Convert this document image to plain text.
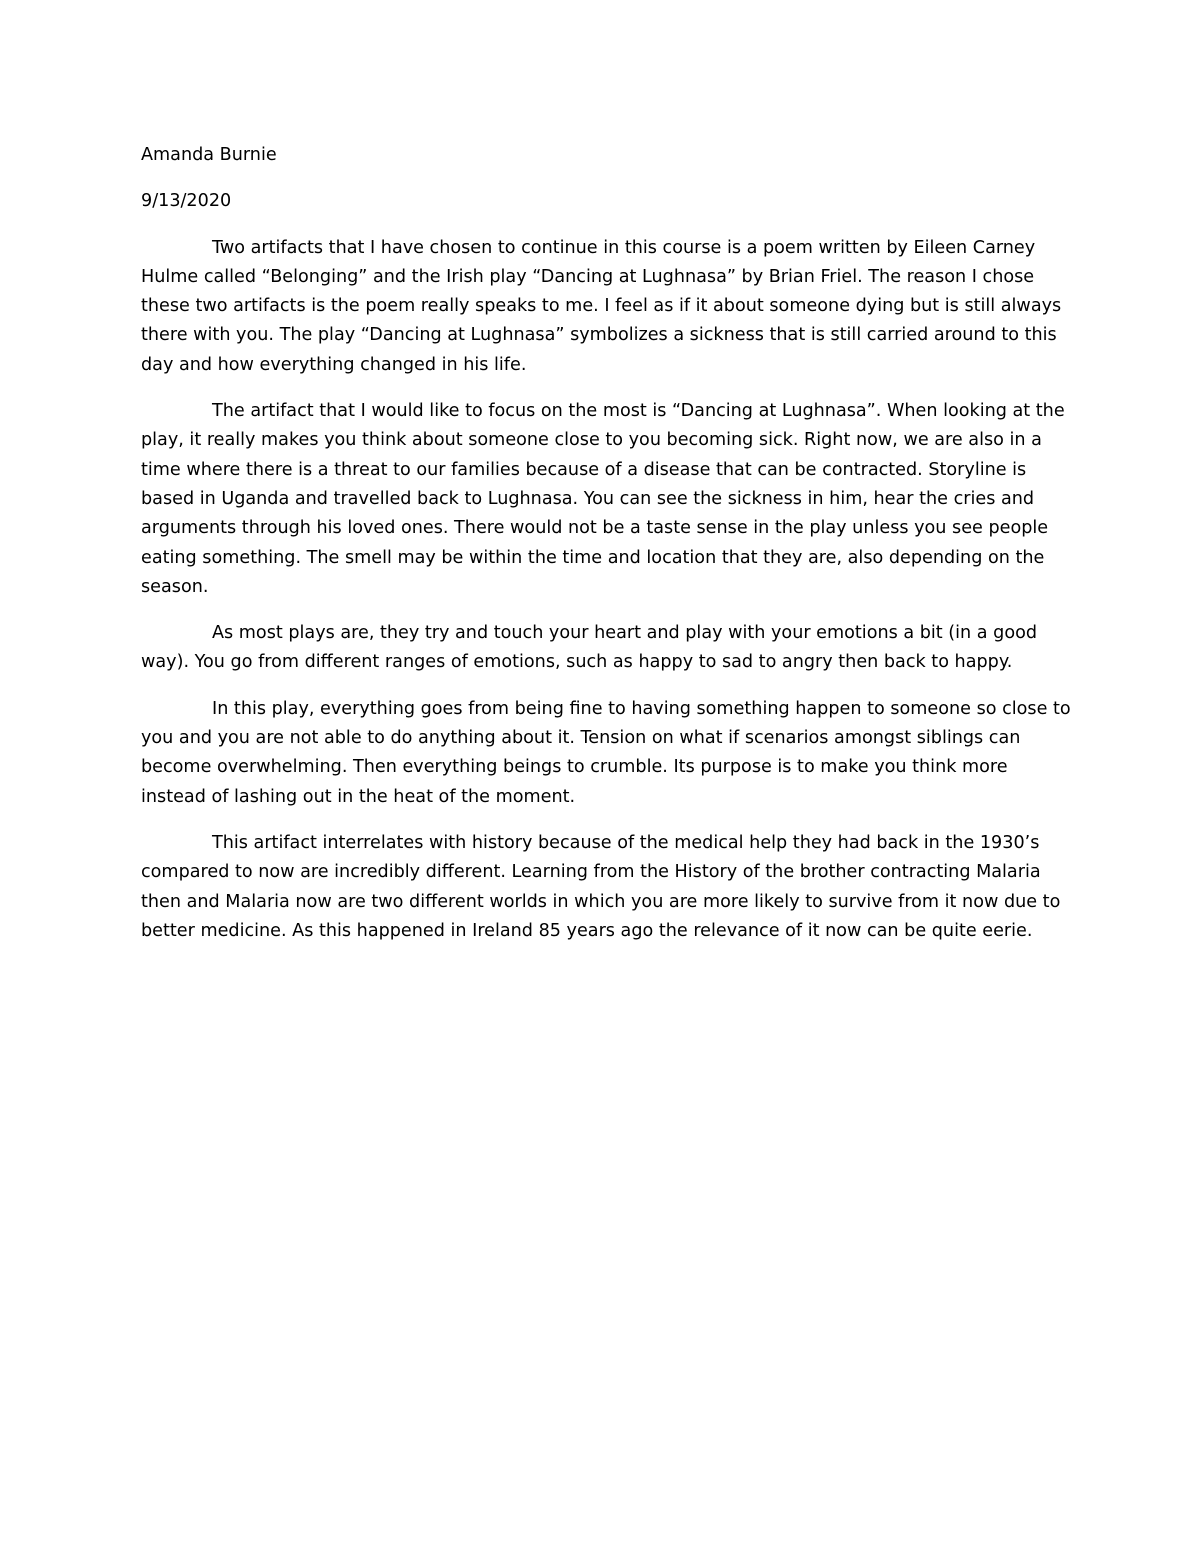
Amanda Burnie

9/13/2020

Two artifacts that I have chosen to continue in this course is a poem written by Eileen Carney

Hulme called “Belonging” and the Irish play “Dancing at Lughnasa” by Brian Friel. The reason I chose

these two artifacts is the poem really speaks to me. I feel as if it about someone dying but is still always

there with you. The play “Dancing at Lughnasa” symbolizes a sickness that is still carried around to this

day and how everything changed in his life.

The artifact that I would like to focus on the most is “Dancing at Lughnasa”. When looking at the

play, it really makes you think about someone close to you becoming sick. Right now, we are also in a

time where there is a threat to our families because of a disease that can be contracted. Storyline is

based in Uganda and travelled back to Lughnasa. You can see the sickness in him, hear the cries and

arguments through his loved ones. There would not be a taste sense in the play unless you see people

eating something. The smell may be within the time and location that they are, also depending on the

season.

As most plays are, they try and touch your heart and play with your emotions a bit (in a good

way). You go from different ranges of emotions, such as happy to sad to angry then back to happy.

In this play, everything goes from being fine to having something happen to someone so close to

you and you are not able to do anything about it. Tension on what if scenarios amongst siblings can

become overwhelming. Then everything beings to crumble. Its purpose is to make you think more

instead of lashing out in the heat of the moment.

This artifact interrelates with history because of the medical help they had back in the 1930’s

compared to now are incredibly different. Learning from the History of the brother contracting Malaria

then and Malaria now are two different worlds in which you are more likely to survive from it now due to

better medicine. As this happened in Ireland 85 years ago the relevance of it now can be quite eerie.
